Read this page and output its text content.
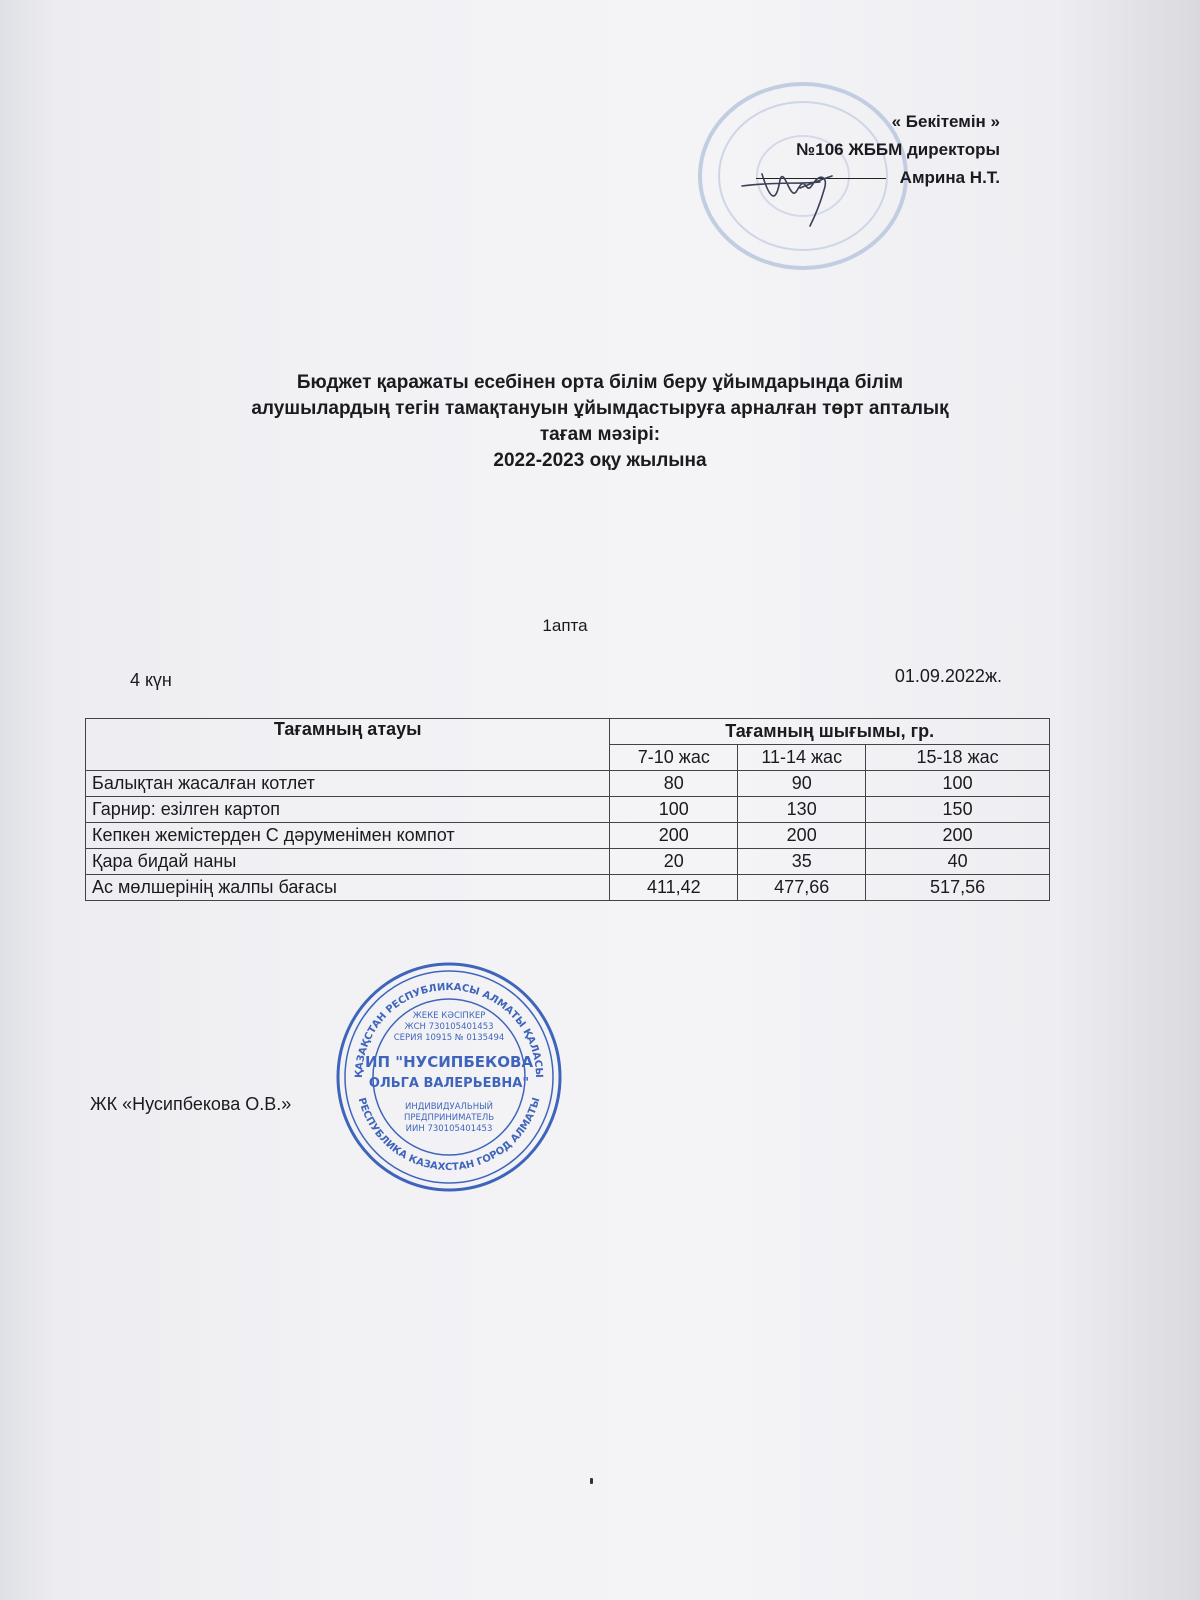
« Бекітемін »
№106 ЖББМ директоры
Амрина Н.Т.
Бюджет қаражаты есебінен орта білім беру ұйымдарында білім
алушылардың тегін тамақтануын ұйымдастыруға арналған төрт апталық
тағам мәзірі:
2022-2023 оқу жылына
1апта
4 күн	01.09.2022ж.
Тағамның атауы	Тағамның шығымы, гр.		
	7-10 жас	11-14 жас	15-18 жас
Балықтан жасалған котлет	80	90	100
Гарнир: езілген картоп	100	130	150
Кепкен жемістерден С дәруменімен компот	200	200	200
Қара бидай наны	20	35	40
Ас мөлшерінің жалпы бағасы	411,42	477,66	517,56
ЖК «Нусипбекова О.В.»
ҚАЗАҚСТАН РЕСПУБЛИКАСЫ АЛМАТЫ ҚАЛАСЫ
РЕСПУБЛИКА КАЗАХСТАН ГОРОД АЛМАТЫ
ЖЕКЕ КӘСІПКЕР
ЖСН 730105401453
СЕРИЯ 10915 № 0135494
ИП "НУСИПБЕКОВА
ОЛЬГА ВАЛЕРЬЕВНА"
ИНДИВИДУАЛЬНЫЙ
ПРЕДПРИНИМАТЕЛЬ
ИИН 730105401453
